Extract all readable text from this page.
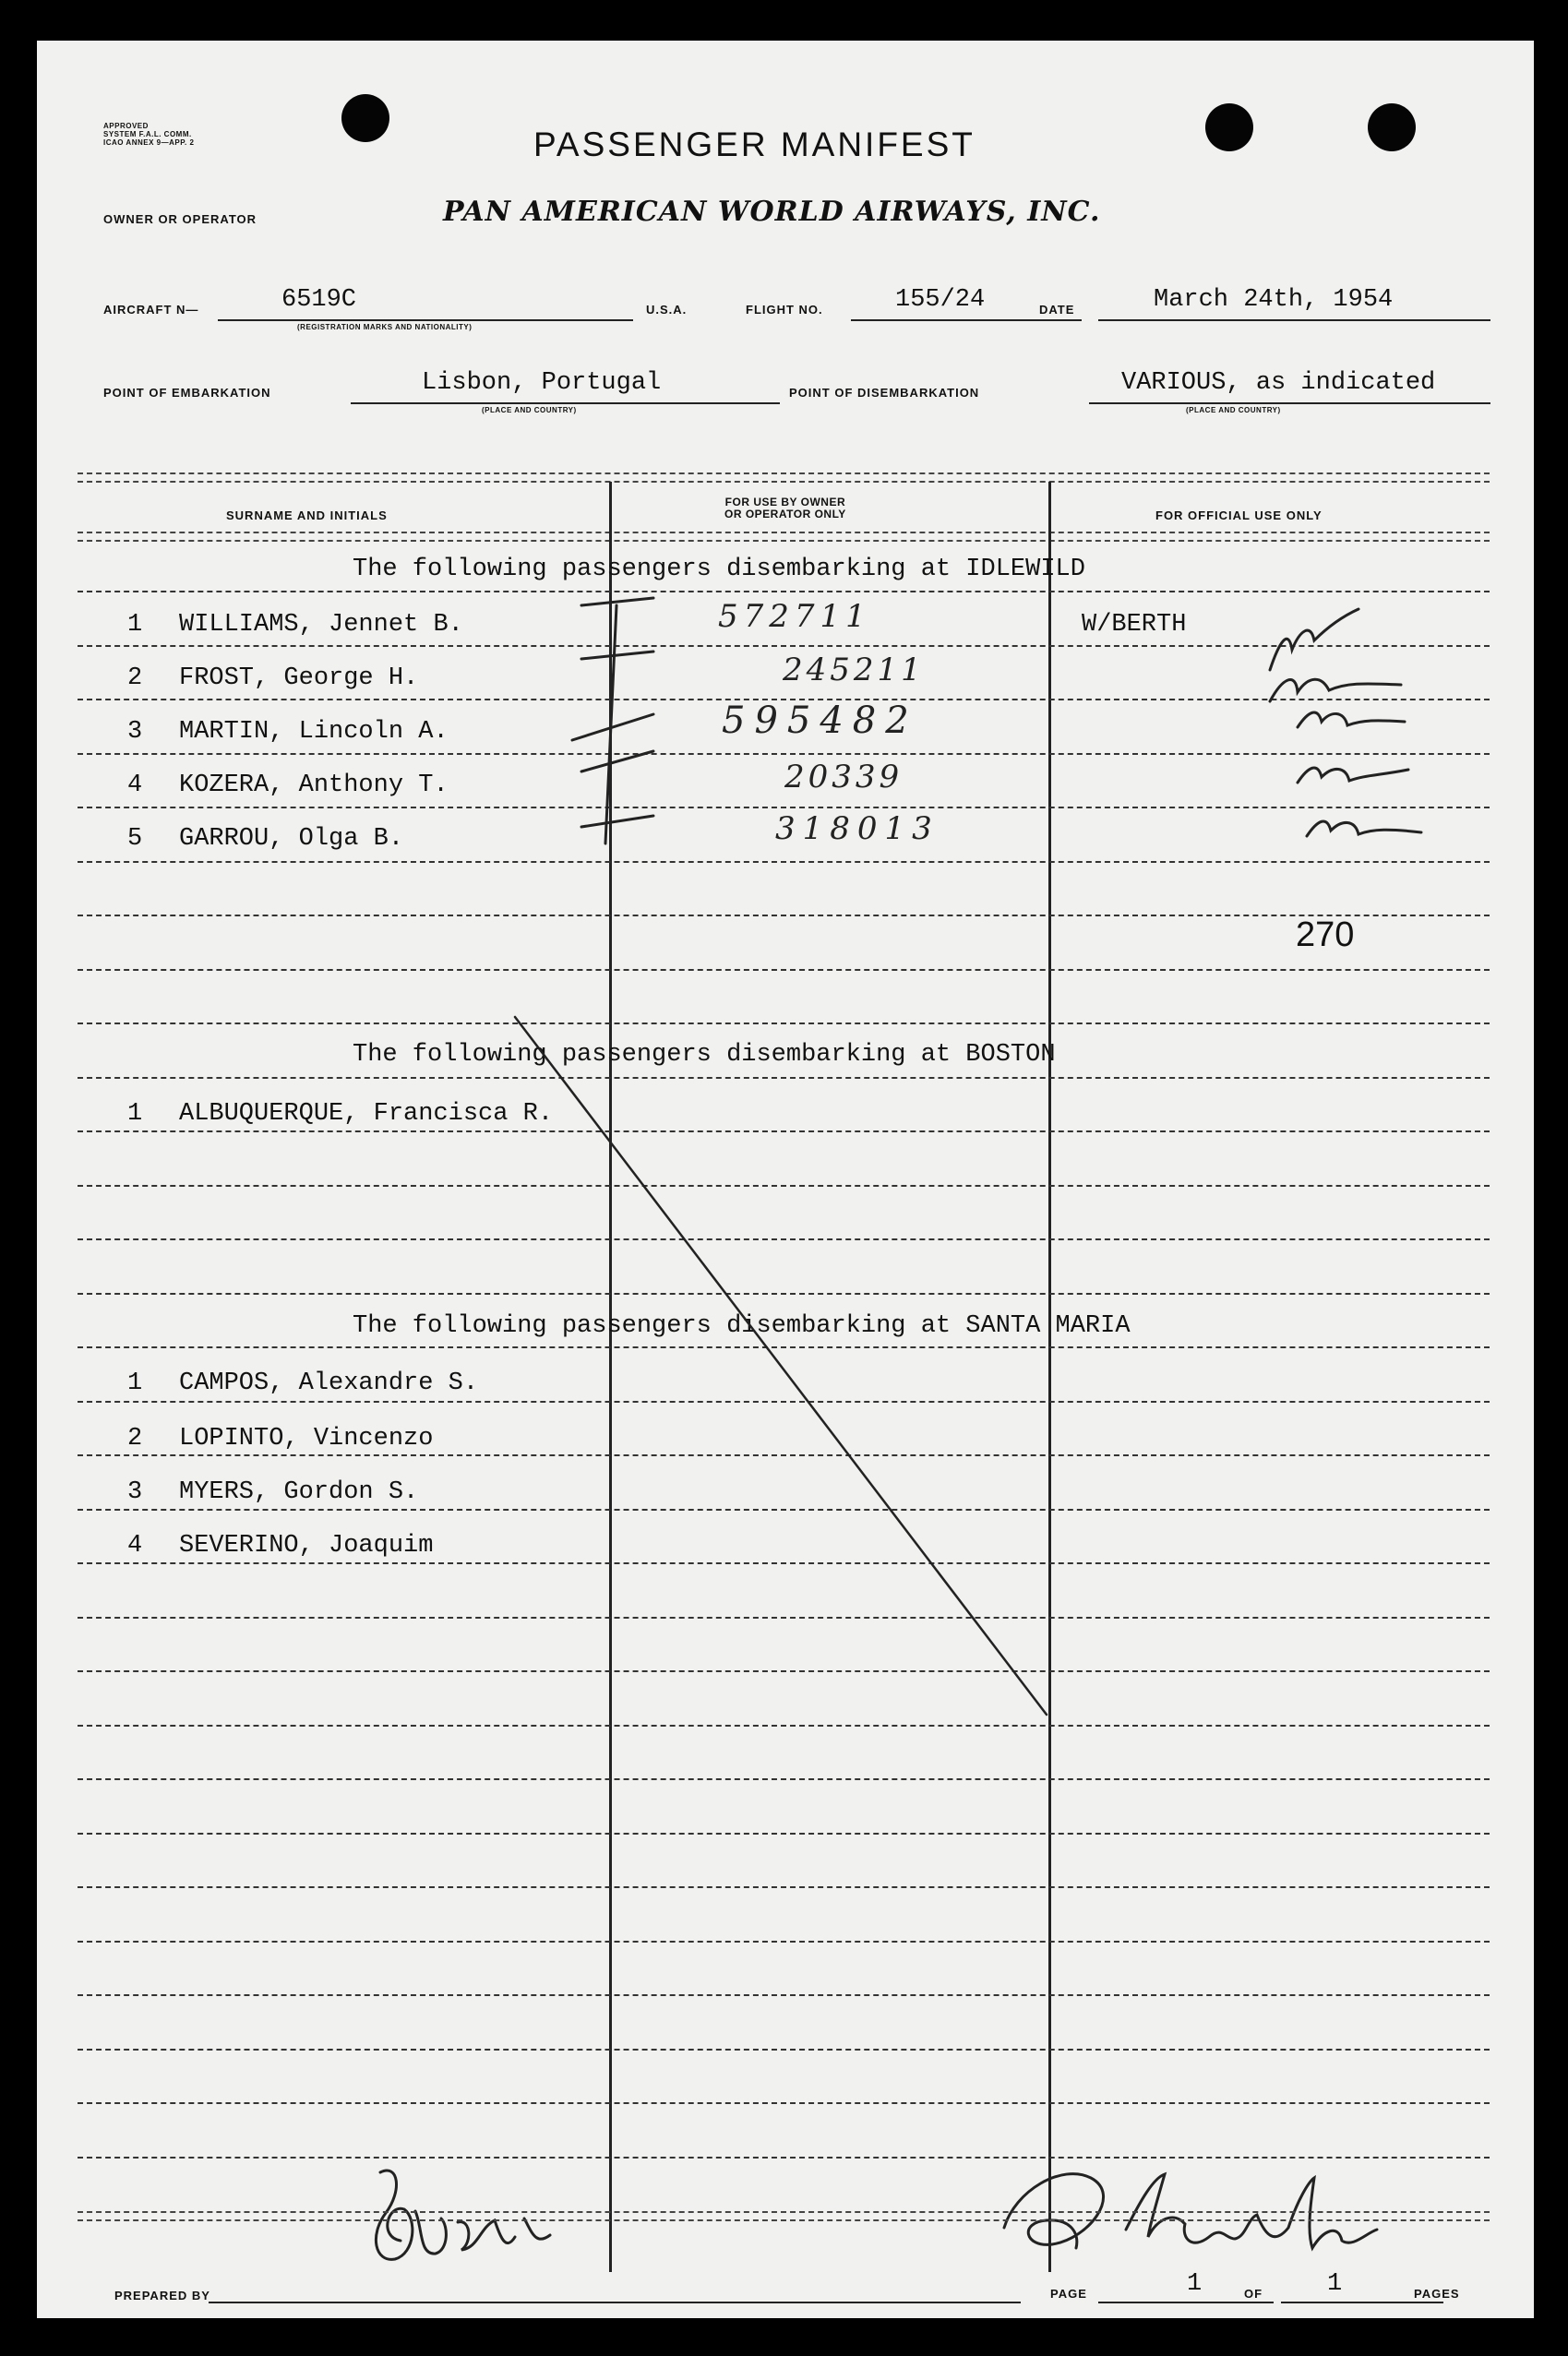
APPROVED
SYSTEM F.A.L. COMM.
ICAO ANNEX 9—APP. 2	PASSENGER MANIFEST
OWNER OR OPERATOR	PAN AMERICAN WORLD AIRWAYS, INC.
AIRCRAFT N—	6519C
(REGISTRATION MARKS AND NATIONALITY)
U.S.A.	FLIGHT NO.	155/24	DATE	March 24th, 1954
POINT OF EMBARKATION	Lisbon, Portugal
(PLACE AND COUNTRY)
POINT OF DISEMBARKATION	VARIOUS, as indicated
(PLACE AND COUNTRY)
SURNAME AND INITIALS
FOR USE BY OWNER
OR OPERATOR ONLY	FOR OFFICIAL USE ONLY
The following passengers disembarking at IDLEWILD
1 WILLIAMS, Jennet B.	572711	W/BERTH
2 FROST, George H.	245211
3 MARTIN, Lincoln A.	595482
4 KOZERA, Anthony T.	20339
5 GARROU, Olga B.	318013
270
The following passengers disembarking at BOSTON
1 ALBUQUERQUE, Francisca R.
The following passengers disembarking at SANTA MARIA
1 CAMPOS, Alexandre S.
2 LOPINTO, Vincenzo
3 MYERS, Gordon S.
4 SEVERINO, Joaquim
PREPARED BY	PAGE	1	OF	1	PAGES
